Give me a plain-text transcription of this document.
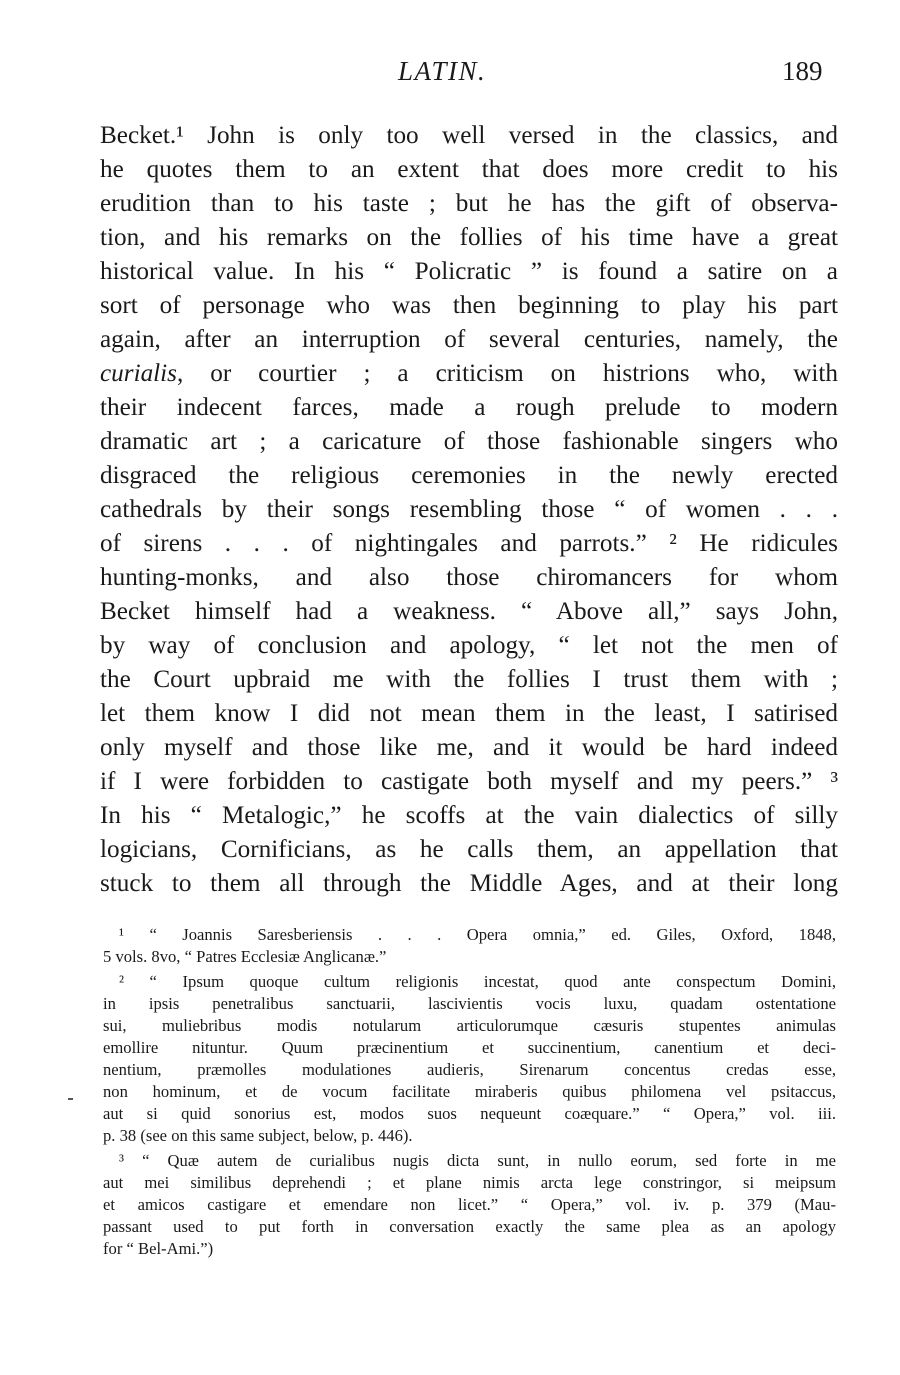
LATIN.	189
Becket.¹ John is only too well versed in the classics, and
he quotes them to an extent that does more credit to his
erudition than to his taste ; but he has the gift of observa-
tion, and his remarks on the follies of his time have a great
historical value. In his “ Policratic ” is found a satire on a
sort of personage who was then beginning to play his part
again, after an interruption of several centuries, namely, the
curialis, or courtier ; a criticism on histrions who, with
their indecent farces, made a rough prelude to modern
dramatic art ; a caricature of those fashionable singers who
disgraced the religious ceremonies in the newly erected
cathedrals by their songs resembling those “ of women . . .
of sirens . . . of nightingales and parrots.” ² He ridicules
hunting-monks, and also those chiromancers for whom
Becket himself had a weakness. “ Above all,” says John,
by way of conclusion and apology, “ let not the men of
the Court upbraid me with the follies I trust them with ;
let them know I did not mean them in the least, I satirised
only myself and those like me, and it would be hard indeed
if I were forbidden to castigate both myself and my peers.” ³
In his “ Metalogic,” he scoffs at the vain dialectics of silly
logicians, Cornificians, as he calls them, an appellation that
stuck to them all through the Middle Ages, and at their long
¹ “ Joannis Saresberiensis . . . Opera omnia,” ed. Giles, Oxford, 1848,
5 vols. 8vo, “ Patres Ecclesiæ Anglicanæ.”
² “ Ipsum quoque cultum religionis incestat, quod ante conspectum Domini,
in ipsis penetralibus sanctuarii, lascivientis vocis luxu, quadam ostentatione
sui, muliebribus modis notularum articulorumque cæsuris stupentes animulas
emollire nituntur. Quum præcinentium et succinentium, canentium et deci-
nentium, præmolles modulationes audieris, Sirenarum concentus credas esse,
non hominum, et de vocum facilitate miraberis quibus philomena vel psitaccus,
aut si quid sonorius est, modos suos nequeunt coæquare.” “ Opera,” vol. iii.
p. 38 (see on this same subject, below, p. 446).
³ “ Quæ autem de curialibus nugis dicta sunt, in nullo eorum, sed forte in me
aut mei similibus deprehendi ; et plane nimis arcta lege constringor, si meipsum
et amicos castigare et emendare non licet.” “ Opera,” vol. iv. p. 379 (Mau-
passant used to put forth in conversation exactly the same plea as an apology
for “ Bel-Ami.”)
